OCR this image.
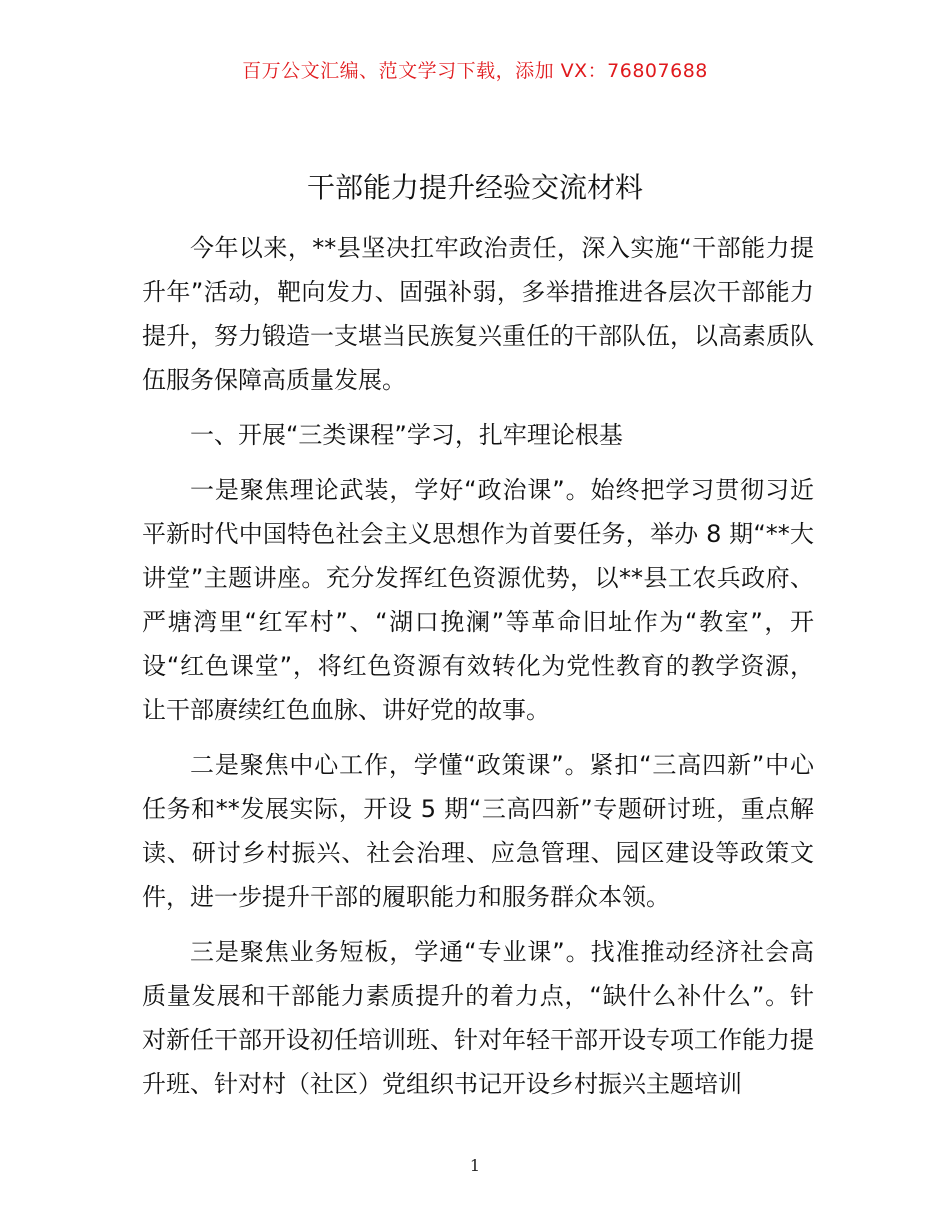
百万公文汇编、范文学习下载，添加 VX：76807688
干部能力提升经验交流材料

今年以来，**县坚决扛牢政治责任，深入实施“干部能力提升年”活动，靶向发力、固强补弱，多举措推进各层次干部能力提升，努力锻造一支堪当民族复兴重任的干部队伍，以高素质队伍服务保障高质量发展。

一、开展“三类课程”学习，扎牢理论根基

一是聚焦理论武装，学好“政治课”。始终把学习贯彻习近平新时代中国特色社会主义思想作为首要任务，举办 8 期“**大讲堂”主题讲座。充分发挥红色资源优势，以**县工农兵政府、严塘湾里“红军村”、“湖口挽澜”等革命旧址作为“教室”，开设“红色课堂”，将红色资源有效转化为党性教育的教学资源，让干部赓续红色血脉、讲好党的故事。

二是聚焦中心工作，学懂“政策课”。紧扣“三高四新”中心任务和**发展实际，开设 5 期“三高四新”专题研讨班，重点解读、研讨乡村振兴、社会治理、应急管理、园区建设等政策文件，进一步提升干部的履职能力和服务群众本领。

三是聚焦业务短板，学通“专业课”。找准推动经济社会高质量发展和干部能力素质提升的着力点，“缺什么补什么”。针对新任干部开设初任培训班、针对年轻干部开设专项工作能力提升班、针对村（社区）党组织书记开设乡村振兴主题培训

1
